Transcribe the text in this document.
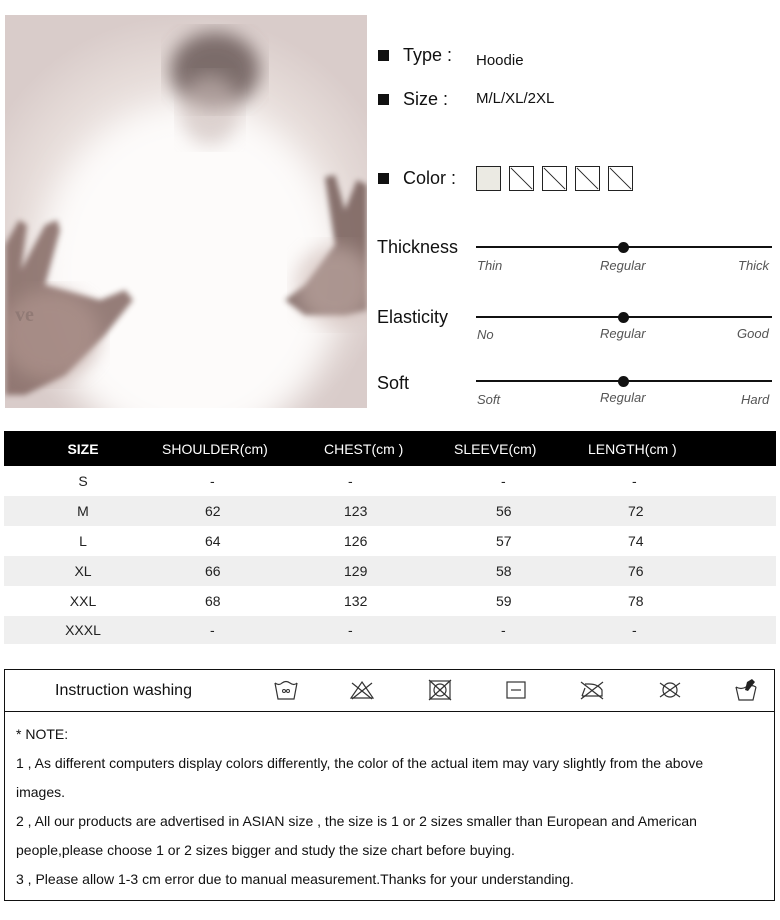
ve
Type : Hoodie
Size : M/L/XL/2XL
Color :
Thickness
Thin	Regular	Thick
Elasticity
No	Regular	Good
Soft
Soft	Regular	Hard
SIZE	SHOULDER(cm)	CHEST(cm )	SLEEVE(cm)	LENGTH(cm )
S	-	-	-	-
M	62	123	56	72
L	64	126	57	74
XL	66	129	58	76
XXL	68	132	59	78
XXXL	-	-	-	-
Instruction washing
* NOTE:
1 , As different computers display colors differently, the color of the actual item may vary slightly from the above
images.
2 , All our products are advertised in ASIAN size , the size is 1 or 2 sizes smaller than European and American
people,please choose 1 or 2 sizes bigger and study the size chart before buying.
3 , Please allow 1-3 cm error due to manual measurement.Thanks for your understanding.
